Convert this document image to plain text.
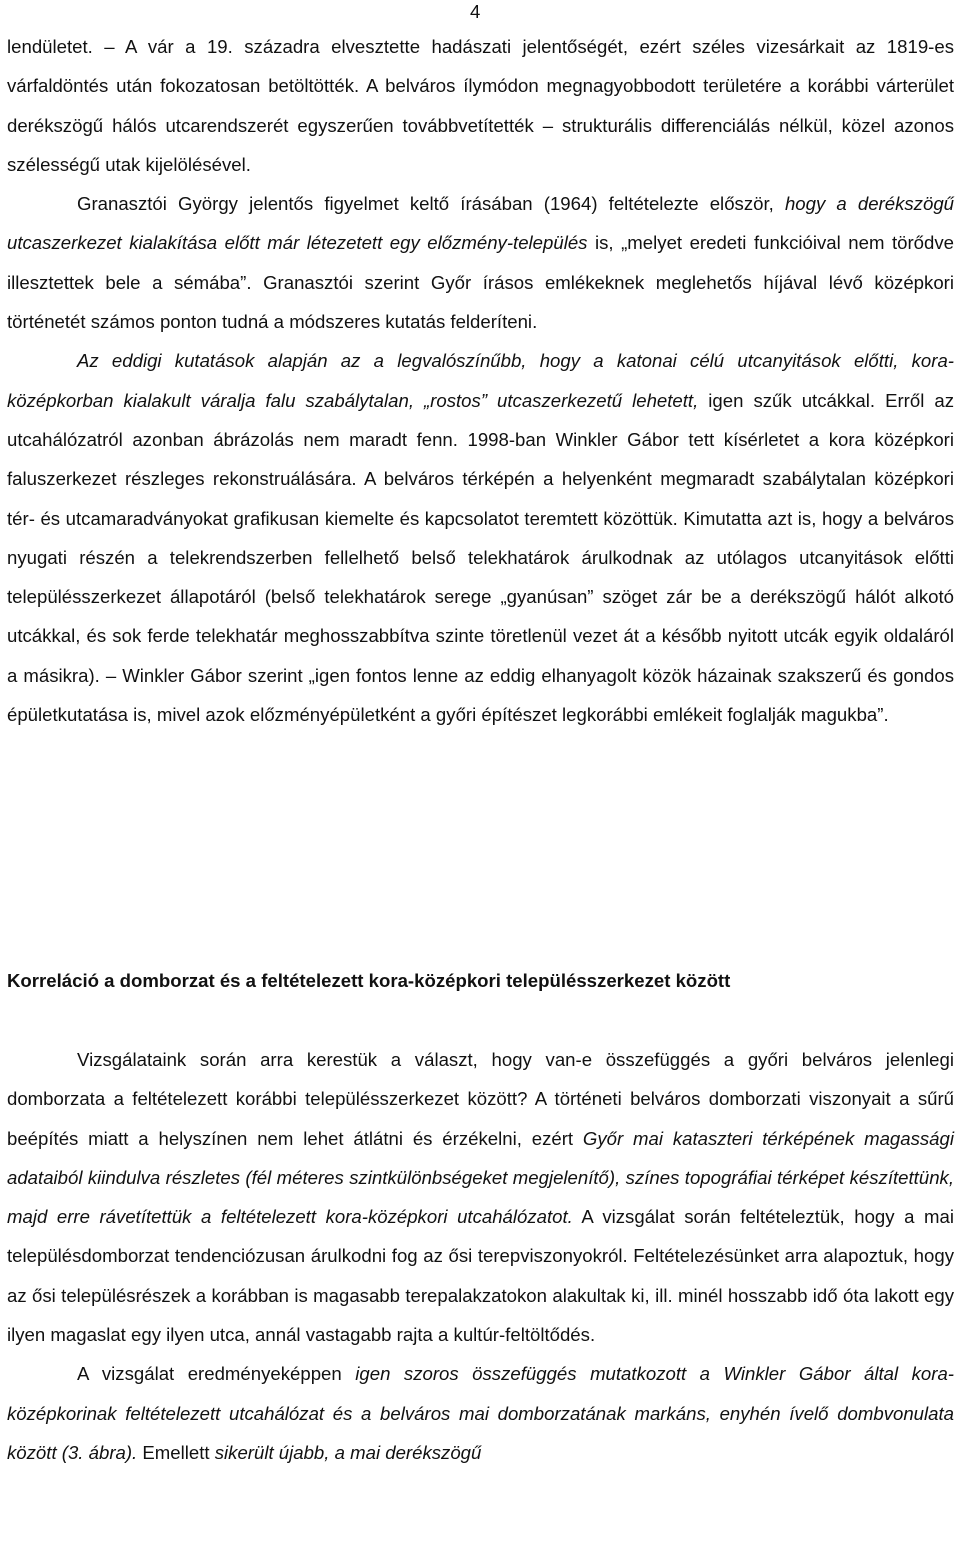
4

lendületet. – A vár a 19. századra elvesztette hadászati jelentőségét, ezért széles vizesárkait az 1819-es várfaldöntés után fokozatosan betöltötték. A belváros ílymódon megnagyobbodott területére a korábbi várterület derékszögű hálós utcarendszerét egyszerűen továbbvetítették – strukturális differenciálás nélkül, közel azonos szélességű utak kijelölésével.

Granasztói György jelentős figyelmet keltő írásában (1964) feltételezte először, hogy a derékszögű utcaszerkezet kialakítása előtt már létezetett egy előzmény-település is, „melyet eredeti funkcióival nem törődve illesztettek bele a sémába”. Granasztói szerint Győr írásos emlékeknek meglehetős híjával lévő középkori történetét számos ponton tudná a módszeres kutatás felderíteni.

Az eddigi kutatások alapján az a legvalószínűbb, hogy a katonai célú utcanyitások előtti, kora-középkorban kialakult váralja falu szabálytalan, „rostos” utcaszerkezetű lehetett, igen szűk utcákkal. Erről az utcahálózatról azonban ábrázolás nem maradt fenn. 1998-ban Winkler Gábor tett kísérletet a kora középkori faluszerkezet részleges rekonstruálására. A belváros térképén a helyenként megmaradt szabálytalan középkori tér- és utcamaradványokat grafikusan kiemelte és kapcsolatot teremtett közöttük. Kimutatta azt is, hogy a belváros nyugati részén a telekrendszerben fellelhető belső telekhatárok árulkodnak az utólagos utcanyitások előtti településszerkezet állapotáról (belső telekhatárok serege „gyanúsan” szöget zár be a derékszögű hálót alkotó utcákkal, és sok ferde telekhatár meghosszabbítva szinte töretlenül vezet át a később nyitott utcák egyik oldaláról a másikra). – Winkler Gábor szerint „igen fontos lenne az eddig elhanyagolt közök házainak szakszerű és gondos épületkutatása is, mivel azok előzményépületként a győri építészet legkorábbi emlékeit foglalják magukba”.

Korreláció a domborzat és a feltételezett kora-középkori településszerkezet között

Vizsgálataink során arra kerestük a választ, hogy van-e összefüggés a győri belváros jelenlegi domborzata a feltételezett korábbi településszerkezet között? A történeti belváros domborzati viszonyait a sűrű beépítés miatt a helyszínen nem lehet átlátni és érzékelni, ezért Győr mai kataszteri térképének magassági adataiból kiindulva részletes (fél méteres szintkülönbségeket megjelenítő), színes topográfiai térképet készítettünk, majd erre rávetítettük a feltételezett kora-középkori utcahálózatot. A vizsgálat során feltételeztük, hogy a mai településdomborzat tendenciózusan árulkodni fog az ősi terepviszonyokról. Feltételezésünket arra alapoztuk, hogy az ősi településrészek a korábban is magasabb terepalakzatokon alakultak ki, ill. minél hosszabb idő óta lakott egy ilyen magaslat egy ilyen utca, annál vastagabb rajta a kultúr-feltöltődés.

A vizsgálat eredményeképpen igen szoros összefüggés mutatkozott a Winkler Gábor által kora-középkorinak feltételezett utcahálózat és a belváros mai domborzatának markáns, enyhén ívelő dombvonulata között (3. ábra). Emellett sikerült újabb, a mai derékszögű
